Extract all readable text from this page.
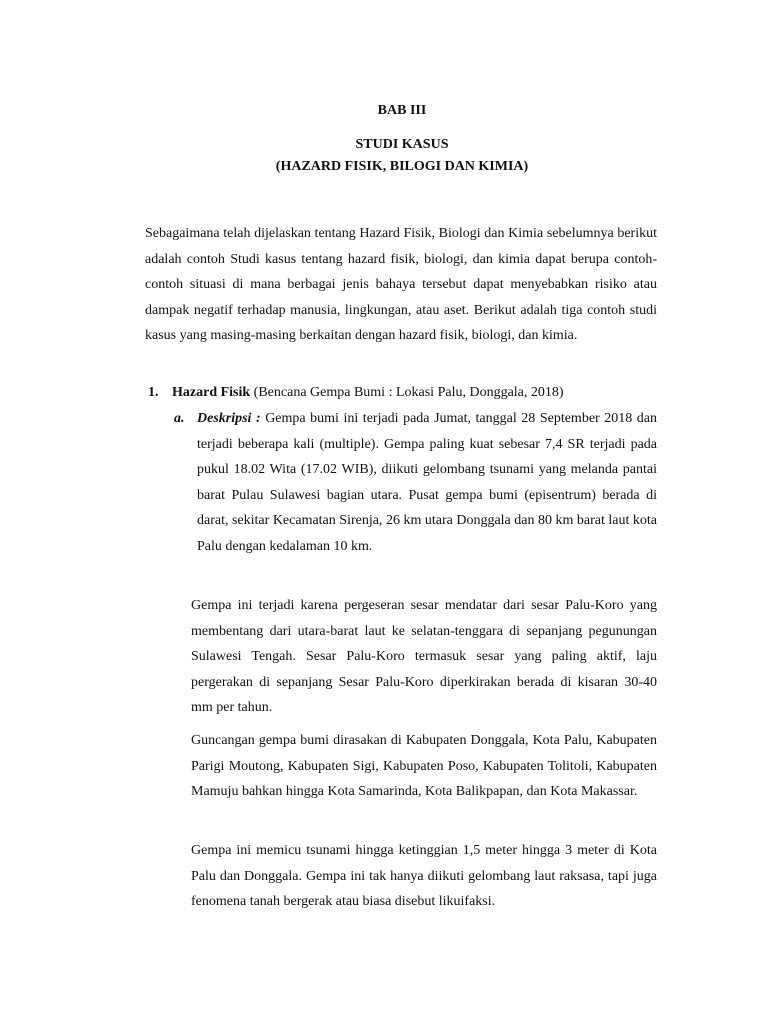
BAB III
STUDI KASUS
(HAZARD FISIK, BILOGI DAN KIMIA)

Sebagaimana telah dijelaskan tentang Hazard Fisik, Biologi dan Kimia sebelumnya berikut adalah contoh Studi kasus tentang hazard fisik, biologi, dan kimia dapat berupa contoh-contoh situasi di mana berbagai jenis bahaya tersebut dapat menyebabkan risiko atau dampak negatif terhadap manusia, lingkungan, atau aset. Berikut adalah tiga contoh studi kasus yang masing-masing berkaitan dengan hazard fisik, biologi, dan kimia.

1. Hazard Fisik (Bencana Gempa Bumi : Lokasi Palu, Donggala, 2018)
a. Deskripsi : Gempa bumi ini terjadi pada Jumat, tanggal 28 September 2018 dan terjadi beberapa kali (multiple). Gempa paling kuat sebesar 7,4 SR terjadi pada pukul 18.02 Wita (17.02 WIB), diikuti gelombang tsunami yang melanda pantai barat Pulau Sulawesi bagian utara. Pusat gempa bumi (episentrum) berada di darat, sekitar Kecamatan Sirenja, 26 km utara Donggala dan 80 km barat laut kota Palu dengan kedalaman 10 km.

Gempa ini terjadi karena pergeseran sesar mendatar dari sesar Palu-Koro yang membentang dari utara-barat laut ke selatan-tenggara di sepanjang pegunungan Sulawesi Tengah. Sesar Palu-Koro termasuk sesar yang paling aktif, laju pergerakan di sepanjang Sesar Palu-Koro diperkirakan berada di kisaran 30-40 mm per tahun.

Guncangan gempa bumi dirasakan di Kabupaten Donggala, Kota Palu, Kabupaten Parigi Moutong, Kabupaten Sigi, Kabupaten Poso, Kabupaten Tolitoli, Kabupaten Mamuju bahkan hingga Kota Samarinda, Kota Balikpapan, dan Kota Makassar.

Gempa ini memicu tsunami hingga ketinggian 1,5 meter hingga 3 meter di Kota Palu dan Donggala. Gempa ini tak hanya diikuti gelombang laut raksasa, tapi juga fenomena tanah bergerak atau biasa disebut likuifaksi.
